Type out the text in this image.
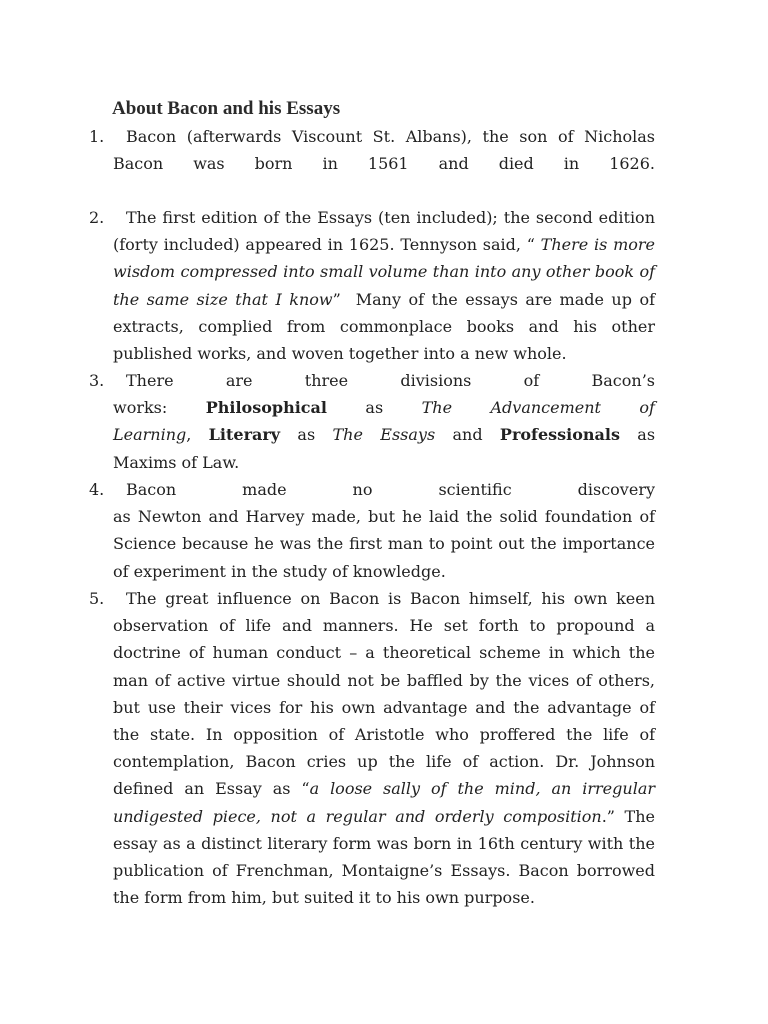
About Bacon and his Essays
1.	Bacon (afterwards Viscount St. Albans), the son of Nicholas
Bacon was born in 1561 and died in 1626.
2.	The first edition of the Essays (ten included); the second edition (forty included) appeared in 1625. Tennyson said, “ There is more wisdom compressed into small volume than into any other book of the same size that I know” Many of the essays are made up of extracts, complied from commonplace books and his other published works, and woven together into a new whole.
3.	There are three divisions of Bacon’s
works: Philosophical as The Advancement of
Learning, Literary as The Essays and Professionals as
Maxims of Law.
4.	Bacon made no scientific discovery
as Newton and Harvey made, but he laid the solid foundation of Science because he was the first man to point out the importance of experiment in the study of knowledge.
5.	The great influence on Bacon is Bacon himself, his own keen observation of life and manners. He set forth to propound a doctrine of human conduct – a theoretical scheme in which the man of active virtue should not be baffled by the vices of others, but use their vices for his own advantage and the advantage of the state. In opposition of Aristotle who proffered the life of contemplation, Bacon cries up the life of action. Dr. Johnson defined an Essay as “a loose sally of the mind, an irregular undigested piece, not a regular and orderly composition.” The essay as a distinct literary form was born in 16th century with the publication of Frenchman, Montaigne’s Essays. Bacon borrowed the form from him, but suited it to his own purpose.
